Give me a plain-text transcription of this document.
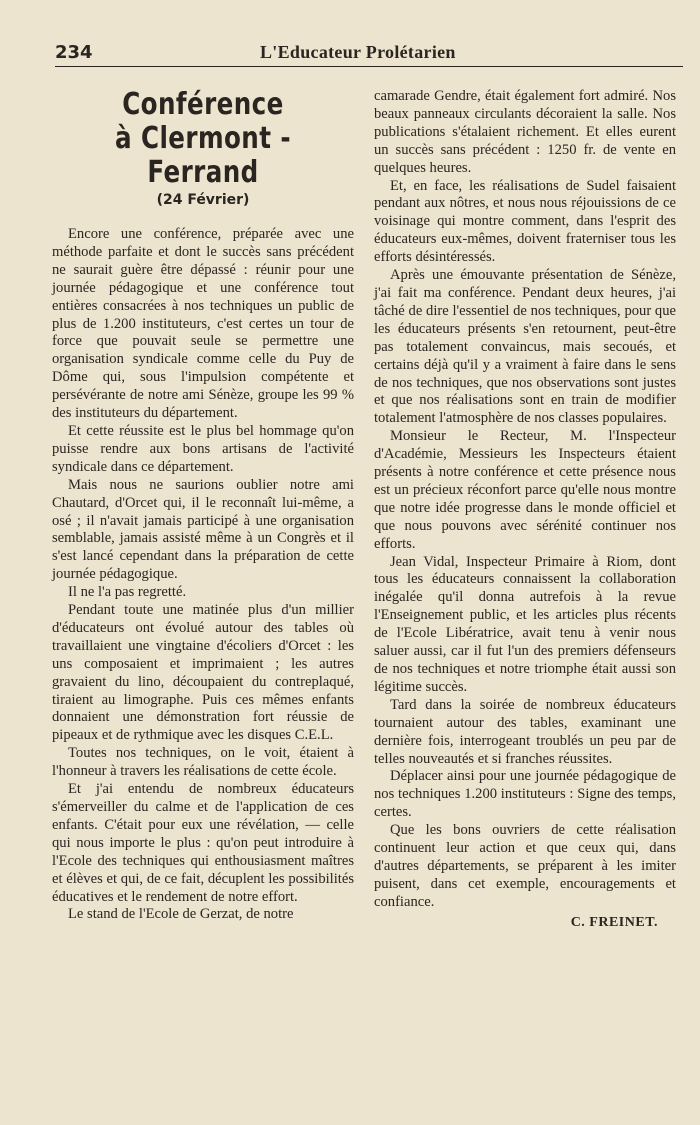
234	L'Educateur Prolétarien
Conférence
à Clermont - Ferrand
(24 Février)

Encore une conférence, préparée avec une méthode parfaite et dont le succès sans précédent ne saurait guère être dépassé : réunir pour une journée pédagogique et une conférence tout entières consacrées à nos techniques un public de plus de 1.200 instituteurs, c'est certes un tour de force que pouvait seule se permettre une organisation syndicale comme celle du Puy de Dôme qui, sous l'impulsion compétente et persévérante de notre ami Sénèze, groupe les 99 % des instituteurs du département.

Et cette réussite est le plus bel hommage qu'on puisse rendre aux bons artisans de l'activité syndicale dans ce département.

Mais nous ne saurions oublier notre ami Chautard, d'Orcet qui, il le reconnaît lui-même, a osé ; il n'avait jamais participé à une organisation semblable, jamais assisté même à un Congrès et il s'est lancé cependant dans la préparation de cette journée pédagogique.

Il ne l'a pas regretté.

Pendant toute une matinée plus d'un millier d'éducateurs ont évolué autour des tables où travaillaient une vingtaine d'écoliers d'Orcet : les uns composaient et imprimaient ; les autres gravaient du lino, découpaient du contreplaqué, tiraient au limographe. Puis ces mêmes enfants donnaient une démonstration fort réussie de pipeaux et de rythmique avec les disques C.E.L.

Toutes nos techniques, on le voit, étaient à l'honneur à travers les réalisations de cette école.

Et j'ai entendu de nombreux éducateurs s'émerveiller du calme et de l'application de ces enfants. C'était pour eux une révélation, — celle qui nous importe le plus : qu'on peut introduire à l'Ecole des techniques qui enthousiasment maîtres et élèves et qui, de ce fait, décuplent les possibilités éducatives et le rendement de notre effort.

Le stand de l'Ecole de Gerzat, de notre

camarade Gendre, était également fort admiré. Nos beaux panneaux circulants décoraient la salle. Nos publications s'étalaient richement. Et elles eurent un succès sans précédent : 1250 fr. de vente en quelques heures.

Et, en face, les réalisations de Sudel faisaient pendant aux nôtres, et nous nous réjouissions de ce voisinage qui montre comment, dans l'esprit des éducateurs eux-mêmes, doivent fraterniser tous les efforts désintéressés.

Après une émouvante présentation de Sénèze, j'ai fait ma conférence. Pendant deux heures, j'ai tâché de dire l'essentiel de nos techniques, pour que les éducateurs présents s'en retournent, peut-être pas totalement convaincus, mais secoués, et certains déjà qu'il y a vraiment à faire dans le sens de nos techniques, que nos observations sont justes et que nos réalisations sont en train de modifier totalement l'atmosphère de nos classes populaires.

Monsieur le Recteur, M. l'Inspecteur d'Académie, Messieurs les Inspecteurs étaient présents à notre conférence et cette présence nous est un précieux réconfort parce qu'elle nous montre que notre idée progresse dans le monde officiel et que nous pouvons avec sérénité continuer nos efforts.

Jean Vidal, Inspecteur Primaire à Riom, dont tous les éducateurs connaissent la collaboration inégalée qu'il donna autrefois à la revue l'Enseignement public, et les articles plus récents de l'Ecole Libératrice, avait tenu à venir nous saluer aussi, car il fut l'un des premiers défenseurs de nos techniques et notre triomphe était aussi son légitime succès.

Tard dans la soirée de nombreux éducateurs tournaient autour des tables, examinant une dernière fois, interrogeant troublés un peu par de telles nouveautés et si franches réussites.

Déplacer ainsi pour une journée pédagogique de nos techniques 1.200 instituteurs : Signe des temps, certes.

Que les bons ouvriers de cette réalisation continuent leur action et que ceux qui, dans d'autres départements, se préparent à les imiter puisent, dans cet exemple, encouragements et confiance.

C. FREINET.
